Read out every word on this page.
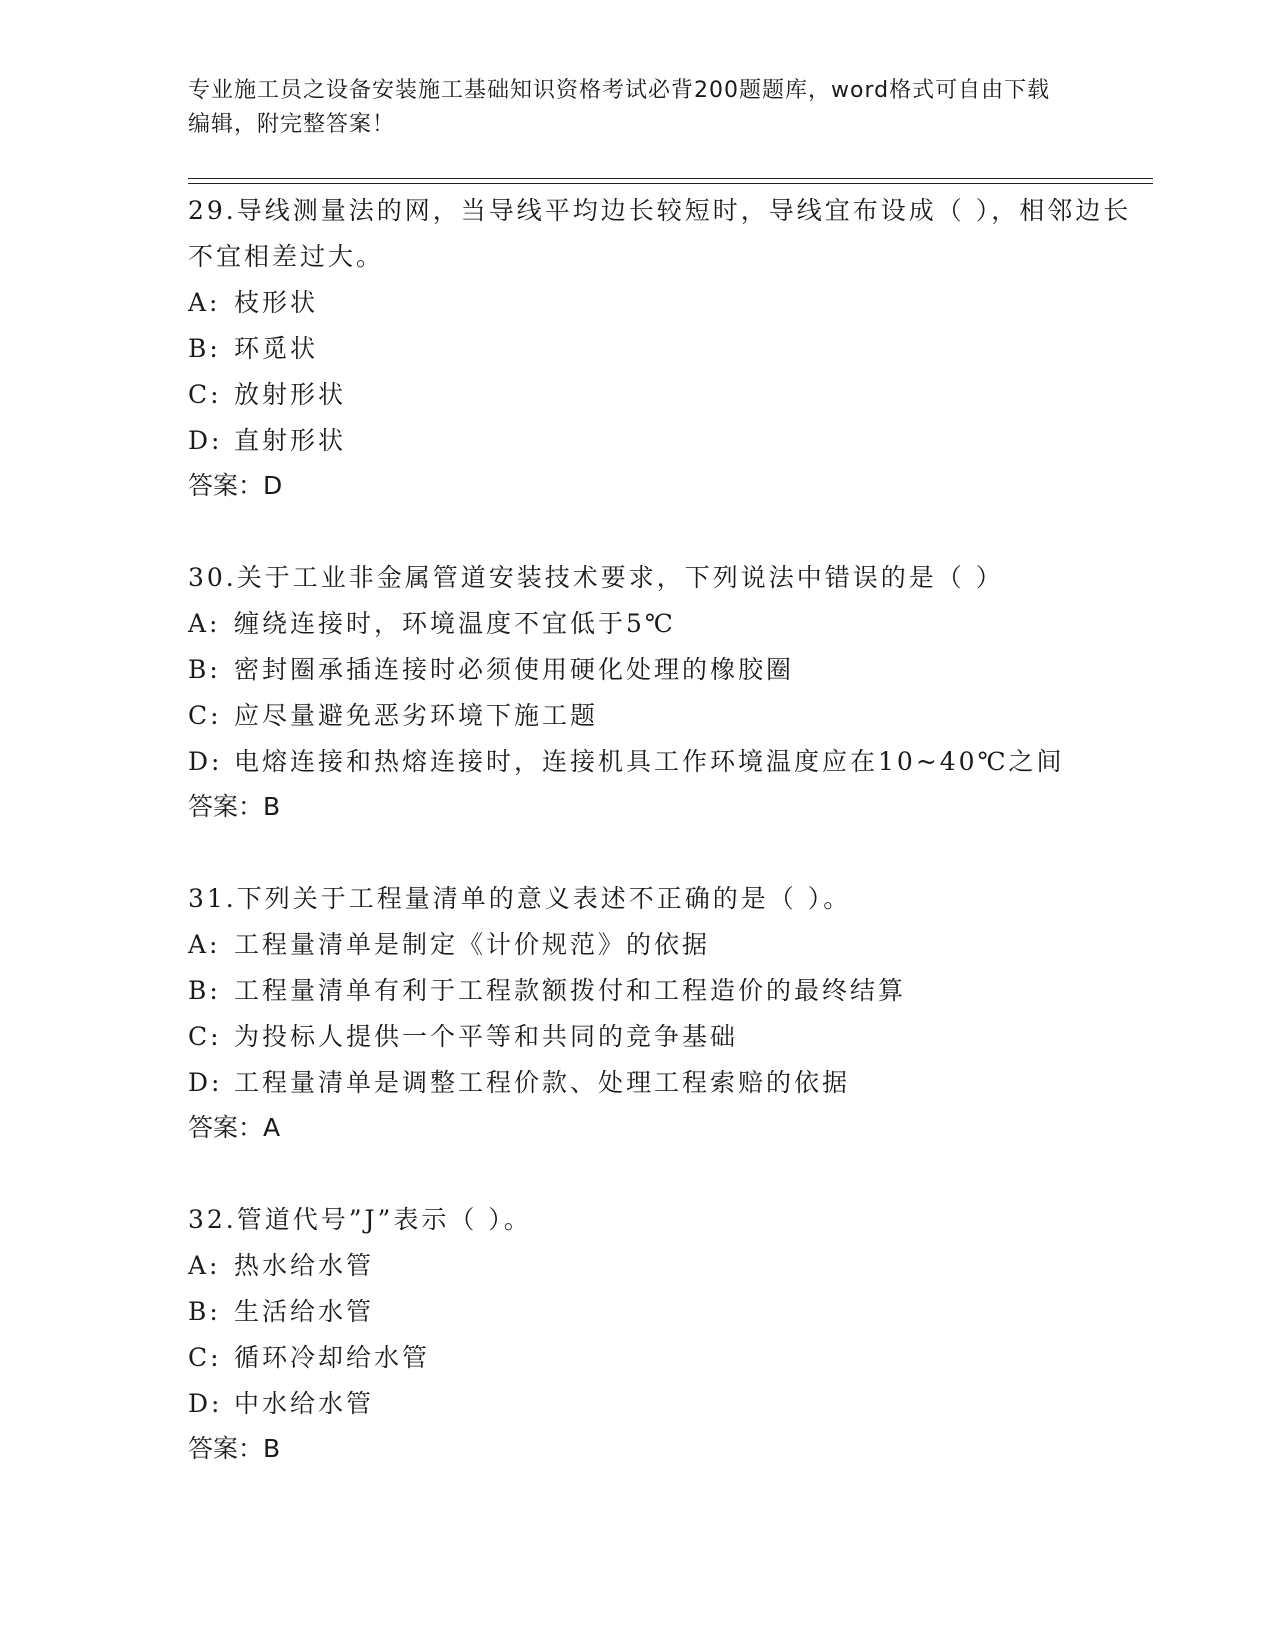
专业施工员之设备安装施工基础知识资格考试必背200题题库，word格式可自由下载编辑，附完整答案！
29.导线测量法的网，当导线平均边长较短时，导线宜布设成（ ），相邻边长不宜相差过大。
A: 枝形状
B: 环觅状
C: 放射形状
D: 直射形状
答案：D
30.关于工业非金属管道安装技术要求，下列说法中错误的是（ ）
A: 缠绕连接时，环境温度不宜低于5℃
B: 密封圈承插连接时必须使用硬化处理的橡胶圈
C: 应尽量避免恶劣环境下施工题
D: 电熔连接和热熔连接时，连接机具工作环境温度应在10~40℃之间
答案：B
31.下列关于工程量清单的意义表述不正确的是（ ）。
A: 工程量清单是制定《计价规范》的依据
B: 工程量清单有利于工程款额拨付和工程造价的最终结算
C: 为投标人提供一个平等和共同的竞争基础
D: 工程量清单是调整工程价款、处理工程索赔的依据
答案：A
32.管道代号”J”表示（ ）。
A: 热水给水管
B: 生活给水管
C: 循环冷却给水管
D: 中水给水管
答案：B
